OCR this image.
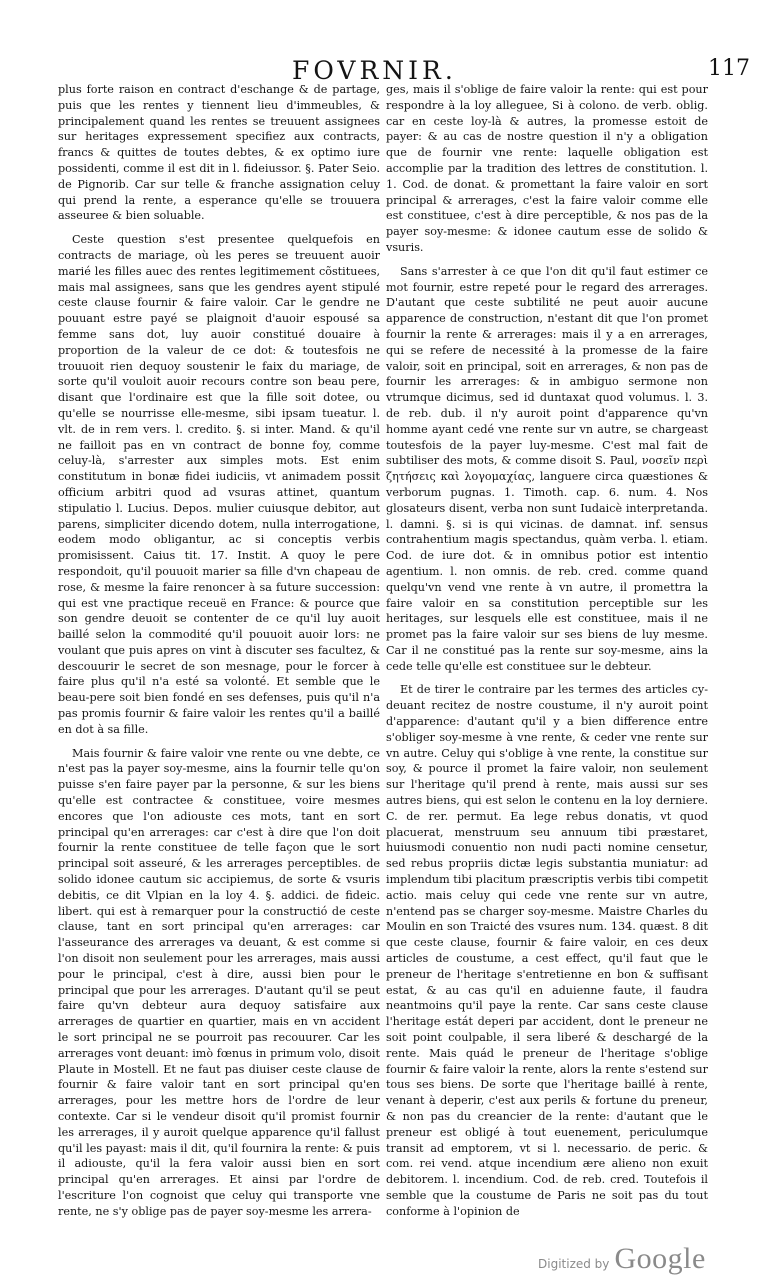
FOVRNIR.	117

plus forte raison en contract d'eschange & de partage, puis que les rentes y tiennent lieu d'immeubles, & principalement quand les rentes se treuuent assignees sur heritages expressement specifiez aux contracts, francs & quittes de toutes debtes, & ex optimo iure possidenti, comme il est dit in l. fideiussor. §. Pater Seio. de Pignorib. Car sur telle & franche assignation celuy qui prend la rente, a esperance qu'elle se trouuera asseuree & bien soluable.

Ceste question s'est presentee quelquefois en contracts de mariage, où les peres se treuuent auoir marié les filles auec des rentes legitimement cõstituees, mais mal assignees, sans que les gendres ayent stipulé ceste clause fournir & faire valoir. Car le gendre ne pouuant estre payé se plaignoit d'auoir espousé sa femme sans dot, luy auoir constitué douaire à proportion de la valeur de ce dot: & toutesfois ne trouuoit rien dequoy soustenir le faix du mariage, de sorte qu'il vouloit auoir recours contre son beau pere, disant que l'ordinaire est que la fille soit dotee, ou qu'elle se nourrisse elle-mesme, sibi ipsam tueatur. l. vlt. de in rem vers. l. credito. §. si inter. Mand. & qu'il ne failloit pas en vn contract de bonne foy, comme celuy-là, s'arrester aux simples mots. Est enim constitutum in bonæ fidei iudiciis, vt animadem possit officium arbitri quod ad vsuras attinet, quantum stipulatio l. Lucius. Depos. mulier cuiusque debitor, aut parens, simpliciter dicendo dotem, nulla interrogatione, eodem modo obligantur, ac si conceptis verbis promisissent. Caius tit. 17. Instit. A quoy le pere respondoit, qu'il pouuoit marier sa fille d'vn chapeau de rose, & mesme la faire renoncer à sa future succession: qui est vne practique receuë en France: & pource que son gendre deuoit se contenter de ce qu'il luy auoit baillé selon la commodité qu'il pouuoit auoir lors: ne voulant que puis apres on vint à discuter ses facultez, & descouurir le secret de son mesnage, pour le forcer à faire plus qu'il n'a esté sa volonté. Et semble que le beau-pere soit bien fondé en ses defenses, puis qu'il n'a pas promis fournir & faire valoir les rentes qu'il a baillé en dot à sa fille.

Mais fournir & faire valoir vne rente ou vne debte, ce n'est pas la payer soy-mesme, ains la fournir telle qu'on puisse s'en faire payer par la personne, & sur les biens qu'elle est contractee & constituee, voire mesmes encores que l'on adiouste ces mots, tant en sort principal qu'en arrerages: car c'est à dire que l'on doit fournir la rente constituee de telle façon que le sort principal soit asseuré, & les arrerages perceptibles. de solido idonee cautum sic accipiemus, de sorte & vsuris debitis, ce dit Vlpian en la loy 4. §. addici. de fideic. libert. qui est à remarquer pour la constructió de ceste clause, tant en sort principal qu'en arrerages: car l'asseurance des arrerages va deuant, & est comme si l'on disoit non seulement pour les arrerages, mais aussi pour le principal, c'est à dire, aussi bien pour le principal que pour les arrerages. D'autant qu'il se peut faire qu'vn debteur aura dequoy satisfaire aux arrerages de quartier en quartier, mais en vn accident le sort principal ne se pourroit pas recouurer. Car les arrerages vont deuant: imò fœnus in primum volo, disoit Plaute in Mostell. Et ne faut pas diuiser ceste clause de fournir & faire valoir tant en sort principal qu'en arrerages, pour les mettre hors de l'ordre de leur contexte. Car si le vendeur disoit qu'il promist fournir les arrerages, il y auroit quelque apparence qu'il fallust qu'il les payast: mais il dit, qu'il fournira la rente: & puis il adiouste, qu'il la fera valoir aussi bien en sort principal qu'en arrerages. Et ainsi par l'ordre de l'escriture l'on cognoist que celuy qui transporte vne rente, ne s'y oblige pas de payer soy-mesme les arrera-

ges, mais il s'oblige de faire valoir la rente: qui est pour respondre à la loy alleguee, Si à colono. de verb. oblig. car en ceste loy-là & autres, la promesse estoit de payer: & au cas de nostre question il n'y a obligation que de fournir vne rente: laquelle obligation est accomplie par la tradition des lettres de constitution. l. 1. Cod. de donat. & promettant la faire valoir en sort principal & arrerages, c'est la faire valoir comme elle est constituee, c'est à dire perceptible, & nos pas de la payer soy-mesme: & idonee cautum esse de solido & vsuris.

Sans s'arrester à ce que l'on dit qu'il faut estimer ce mot fournir, estre repeté pour le regard des arrerages. D'autant que ceste subtilité ne peut auoir aucune apparence de construction, n'estant dit que l'on promet fournir la rente & arrerages: mais il y a en arrerages, qui se refere de necessité à la promesse de la faire valoir, soit en principal, soit en arrerages, & non pas de fournir les arrerages: & in ambiguo sermone non vtrumque dicimus, sed id duntaxat quod volumus. l. 3. de reb. dub. il n'y auroit point d'apparence qu'vn homme ayant cedé vne rente sur vn autre, se chargeast toutesfois de la payer luy-mesme. C'est mal fait de subtiliser des mots, & comme disoit S. Paul, νοσεῖν περὶ ζητήσεις καὶ λογομαχίας, languere circa quæstiones & verborum pugnas. 1. Timoth. cap. 6. num. 4. Nos glosateurs disent, verba non sunt Iudaicè interpretanda. l. damni. §. si is qui vicinas. de damnat. inf. sensus contrahentium magis spectandus, quàm verba. l. etiam. Cod. de iure dot. & in omnibus potior est intentio agentium. l. non omnis. de reb. cred. comme quand quelqu'vn vend vne rente à vn autre, il promettra la faire valoir en sa constitution perceptible sur les heritages, sur lesquels elle est constituee, mais il ne promet pas la faire valoir sur ses biens de luy mesme. Car il ne constitué pas la rente sur soy-mesme, ains la cede telle qu'elle est constituee sur le debteur.

Et de tirer le contraire par les termes des articles cy-deuant recitez de nostre coustume, il n'y auroit point d'apparence: d'autant qu'il y a bien difference entre s'obliger soy-mesme à vne rente, & ceder vne rente sur vn autre. Celuy qui s'oblige à vne rente, la constitue sur soy, & pource il promet la faire valoir, non seulement sur l'heritage qu'il prend à rente, mais aussi sur ses autres biens, qui est selon le contenu en la loy derniere. C. de rer. permut. Ea lege rebus donatis, vt quod placuerat, menstruum seu annuum tibi præstaret, huiusmodi conuentio non nudi pacti nomine censetur, sed rebus propriis dictæ legis substantia muniatur: ad implendum tibi placitum præscriptis verbis tibi competit actio. mais celuy qui cede vne rente sur vn autre, n'entend pas se charger soy-mesme. Maistre Charles du Moulin en son Traicté des vsures num. 134. quæst. 8 dit que ceste clause, fournir & faire valoir, en ces deux articles de coustume, a cest effect, qu'il faut que le preneur de l'heritage s'entretienne en bon & suffisant estat, & au cas qu'il en aduienne faute, il faudra neantmoins qu'il paye la rente. Car sans ceste clause l'heritage estát deperi par accident, dont le preneur ne soit point coulpable, il sera liberé & deschargé de la rente. Mais quád le preneur de l'heritage s'oblige fournir & faire valoir la rente, alors la rente s'estend sur tous ses biens. De sorte que l'heritage baillé à rente, venant à deperir, c'est aux perils & fortune du preneur, & non pas du creancier de la rente: d'autant que le preneur est obligé à tout euenement, periculumque transit ad emptorem, vt si l. necessario. de peric. & com. rei vend. atque incendium ære alieno non exuit debitorem. l. incendium. Cod. de reb. cred. Toutefois il semble que la coustume de Paris ne soit pas du tout conforme à l'opinion de

Digitized by Google
